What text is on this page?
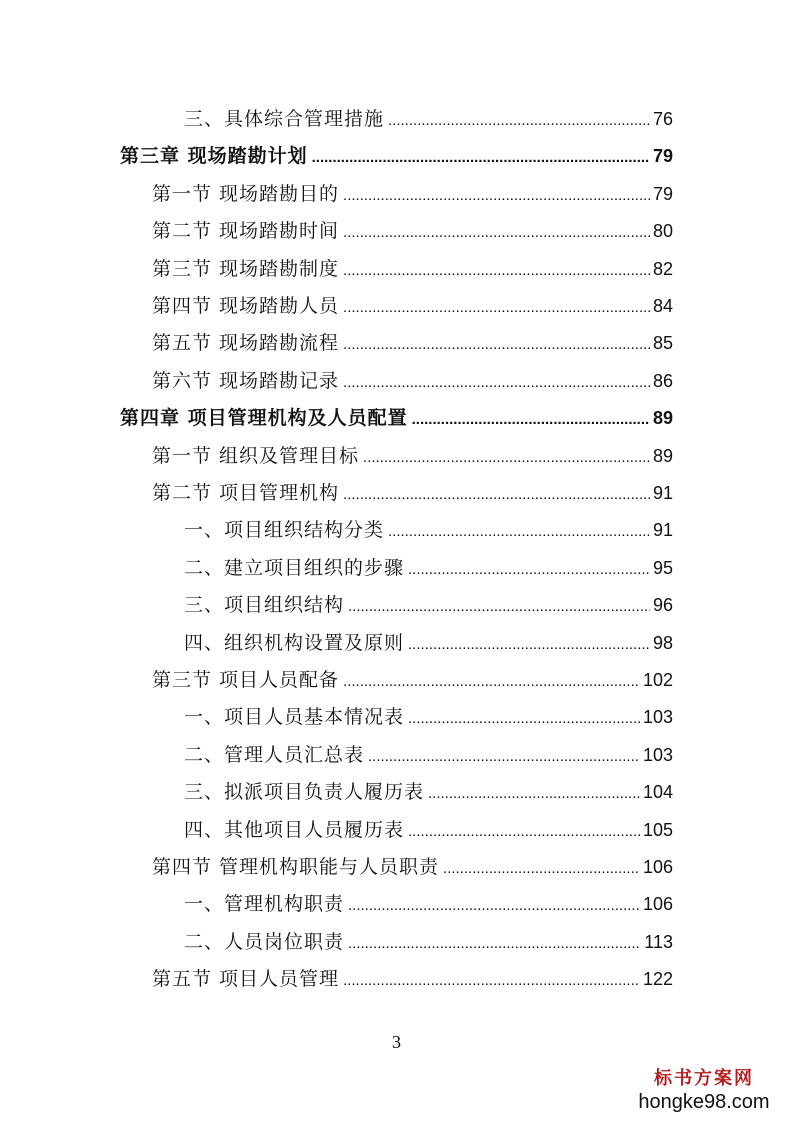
三、具体综合管理措施 .....	76
第三章 现场踏勘计划 .....	79
第一节 现场踏勘目的 .....	79
第二节 现场踏勘时间 .....	80
第三节 现场踏勘制度 .....	82
第四节 现场踏勘人员 .....	84
第五节 现场踏勘流程 .....	85
第六节 现场踏勘记录 .....	86
第四章 项目管理机构及人员配置 .....	89
第一节 组织及管理目标 .....	89
第二节 项目管理机构 .....	91
一、项目组织结构分类 .....	91
二、建立项目组织的步骤 .....	95
三、项目组织结构 .....	96
四、组织机构设置及原则 .....	98
第三节 项目人员配备 .....	102
一、项目人员基本情况表 .....	103
二、管理人员汇总表 .....	103
三、拟派项目负责人履历表 .....	104
四、其他项目人员履历表 .....	105
第四节 管理机构职能与人员职责 .....	106
一、管理机构职责 .....	106
二、人员岗位职责 .....	113
第五节 项目人员管理 .....	122
3
标书方案网
hongke98.com
